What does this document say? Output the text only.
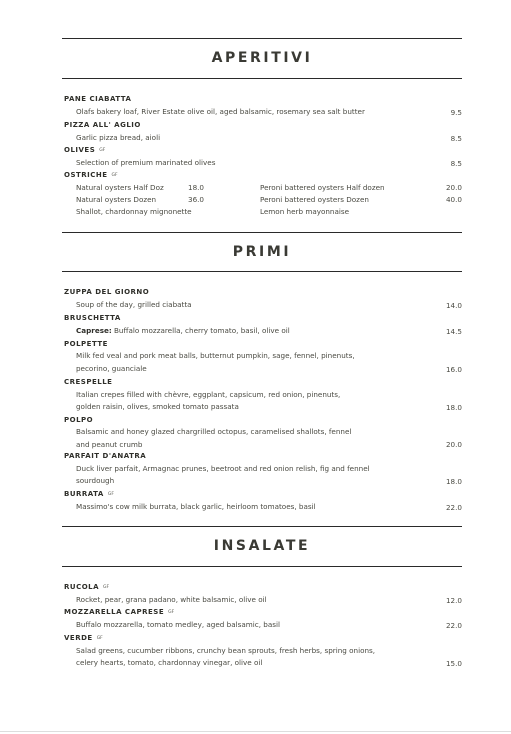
APERITIVI
PANE CIABATTA
Olafs bakery loaf, River Estate olive oil, aged balsamic, rosemary sea salt butter	9.5
PIZZA ALL' AGLIO
Garlic pizza bread, aioli	8.5
OLIVES $^{GF}$
Selection of premium marinated olives	8.5
OSTRICHE $^{GF}$
Natural oysters Half Doz	18.0
Natural oysters Dozen	36.0
Shallot, chardonnay mignonette
Peroni battered oysters Half dozen	20.0
Peroni battered oysters Dozen	40.0
Lemon herb mayonnaise
PRIMI
ZUPPA DEL GIORNO
Soup of the day, grilled ciabatta	14.0
BRUSCHETTA
Caprese: Buffalo mozzarella, cherry tomato, basil, olive oil	14.5
POLPETTE
Milk fed veal and pork meat balls, butternut pumpkin, sage, fennel, pinenuts,
pecorino, guanciale	16.0
CRESPELLE
Italian crepes filled with chèvre, eggplant, capsicum, red onion, pinenuts,
golden raisin, olives, smoked tomato passata	18.0
POLPO
Balsamic and honey glazed chargrilled octopus, caramelised shallots, fennel
and peanut crumb	20.0
PARFAIT D'ANATRA
Duck liver parfait, Armagnac prunes, beetroot and red onion relish, fig and fennel
sourdough	18.0
BURRATA $^{GF}$
Massimo's cow milk burrata, black garlic, heirloom tomatoes, basil	22.0
INSALATE
RUCOLA $^{GF}$
Rocket, pear, grana padano, white balsamic, olive oil	12.0
MOZZARELLA CAPRESE $^{GF}$
Buffalo mozzarella, tomato medley, aged balsamic, basil	22.0
VERDE $^{GF}$
Salad greens, cucumber ribbons, crunchy bean sprouts, fresh herbs, spring onions,
celery hearts, tomato, chardonnay vinegar, olive oil	15.0
